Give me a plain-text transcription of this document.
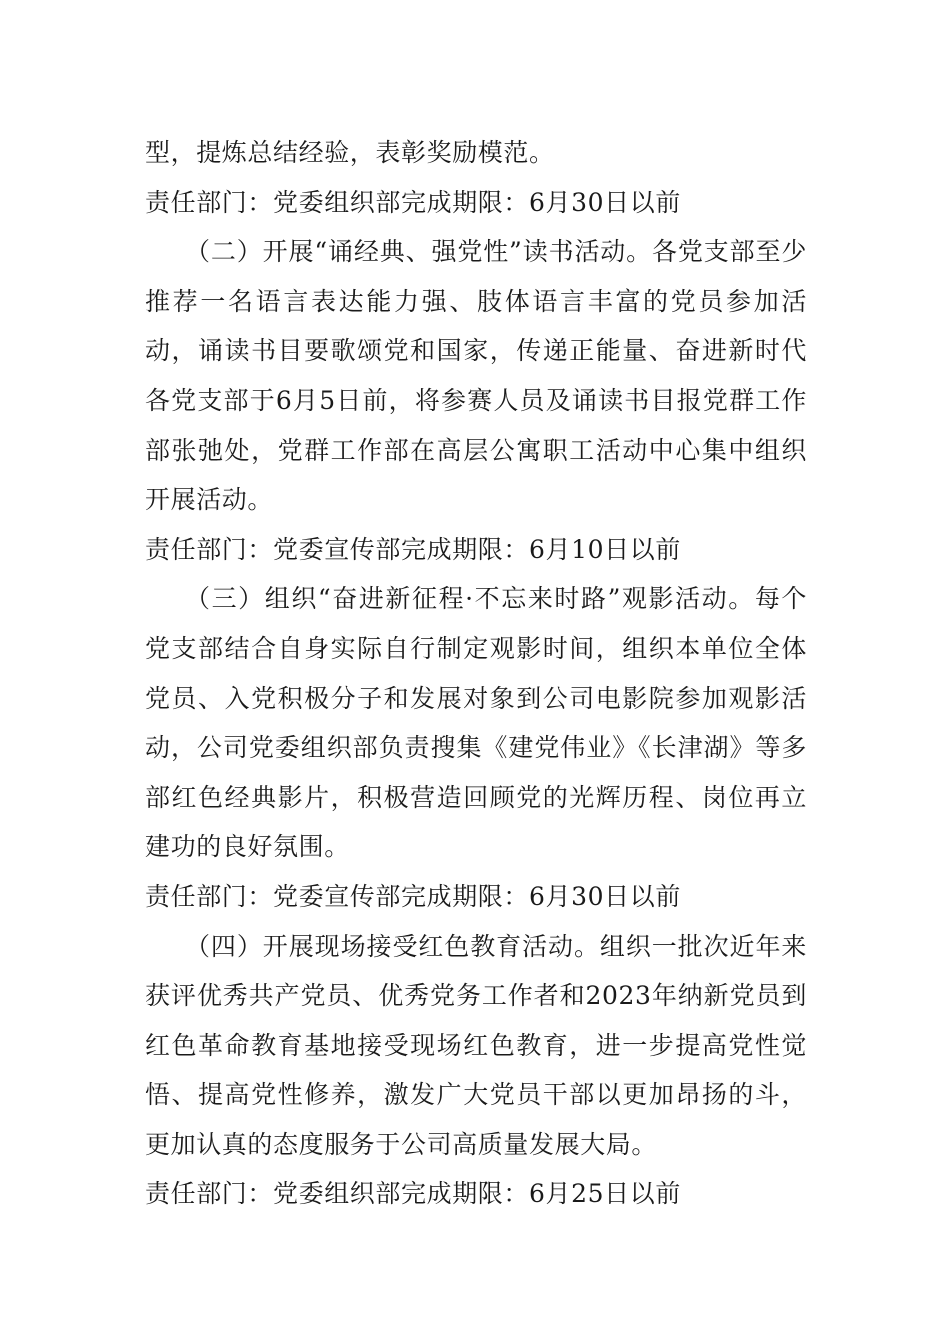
型，提炼总结经验，表彰奖励模范。

责任部门：党委组织部完成期限：6月30日以前

（二）开展“诵经典、强党性”读书活动。各党支部至少推荐一名语言表达能力强、肢体语言丰富的党员参加活动，诵读书目要歌颂党和国家，传递正能量、奋进新时代各党支部于6月5日前，将参赛人员及诵读书目报党群工作部张弛处，党群工作部在高层公寓职工活动中心集中组织开展活动。

责任部门：党委宣传部完成期限：6月10日以前

（三）组织“奋进新征程·不忘来时路”观影活动。每个党支部结合自身实际自行制定观影时间，组织本单位全体党员、入党积极分子和发展对象到公司电影院参加观影活动，公司党委组织部负责搜集《建党伟业》《长津湖》等多部红色经典影片，积极营造回顾党的光辉历程、岗位再立建功的良好氛围。

责任部门：党委宣传部完成期限：6月30日以前

（四）开展现场接受红色教育活动。组织一批次近年来获评优秀共产党员、优秀党务工作者和2023年纳新党员到红色革命教育基地接受现场红色教育，进一步提高党性觉悟、提高党性修养，激发广大党员干部以更加昂扬的斗，更加认真的态度服务于公司高质量发展大局。

责任部门：党委组织部完成期限：6月25日以前
